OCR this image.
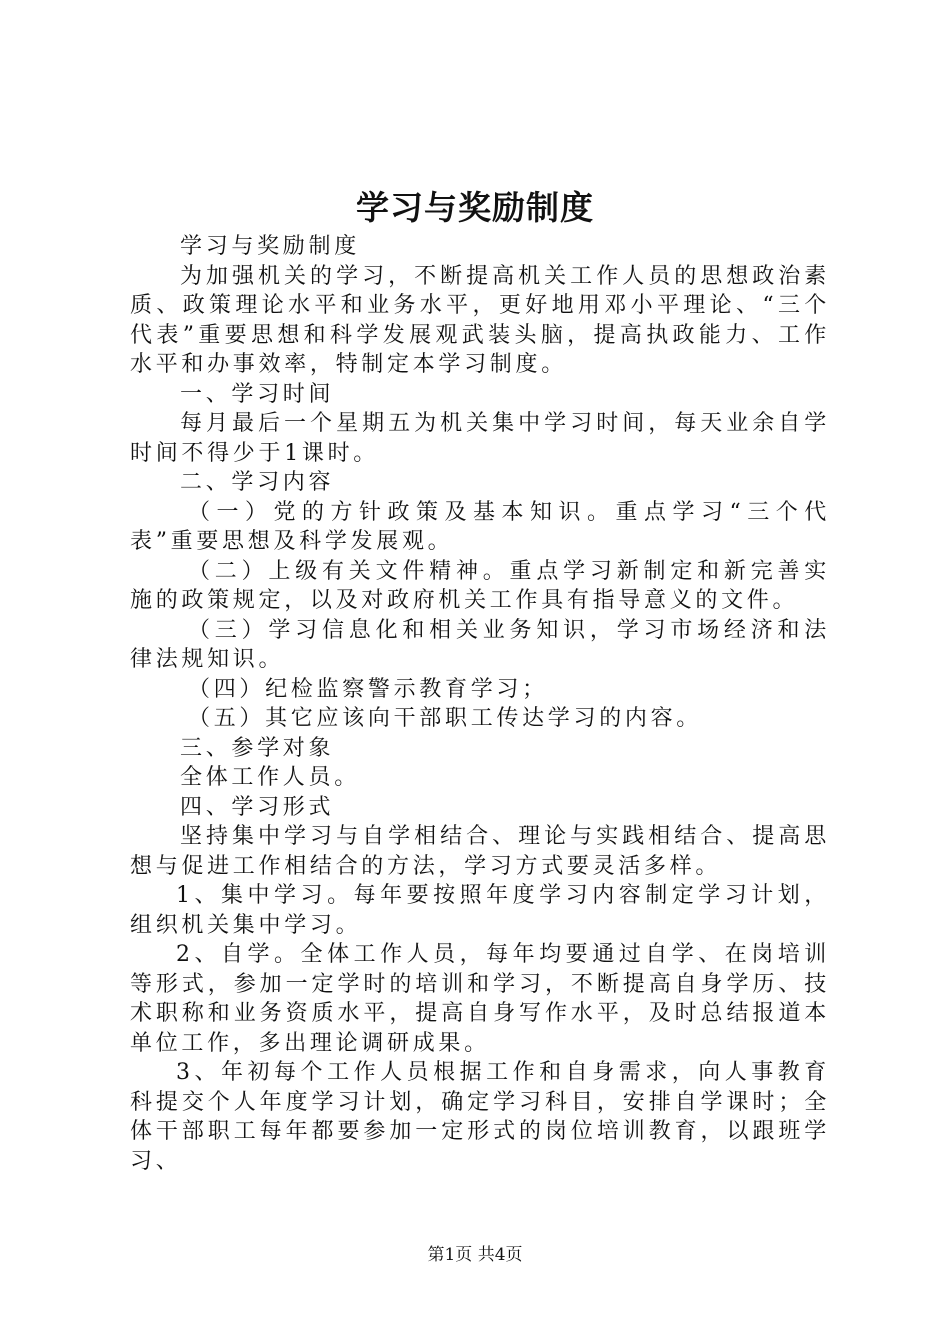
学习与奖励制度

学习与奖励制度

为加强机关的学习，不断提高机关工作人员的思想政治素质、政策理论水平和业务水平，更好地用邓小平理论、“三个代表”重要思想和科学发展观武装头脑，提高执政能力、工作水平和办事效率，特制定本学习制度。

一、学习时间

每月最后一个星期五为机关集中学习时间，每天业余自学时间不得少于1课时。

二、学习内容

（一）党的方针政策及基本知识。重点学习“三个代表”重要思想及科学发展观。

（二）上级有关文件精神。重点学习新制定和新完善实施的政策规定，以及对政府机关工作具有指导意义的文件。

（三）学习信息化和相关业务知识，学习市场经济和法律法规知识。

（四）纪检监察警示教育学习；

（五）其它应该向干部职工传达学习的内容。

三、参学对象

全体工作人员。

四、学习形式

坚持集中学习与自学相结合、理论与实践相结合、提高思想与促进工作相结合的方法，学习方式要灵活多样。

1、集中学习。每年要按照年度学习内容制定学习计划，组织机关集中学习。

2、自学。全体工作人员，每年均要通过自学、在岗培训等形式，参加一定学时的培训和学习，不断提高自身学历、技术职称和业务资质水平，提高自身写作水平，及时总结报道本单位工作，多出理论调研成果。

3、年初每个工作人员根据工作和自身需求，向人事教育科提交个人年度学习计划，确定学习科目，安排自学课时；全体干部职工每年都要参加一定形式的岗位培训教育，以跟班学习、

第1页 共4页
